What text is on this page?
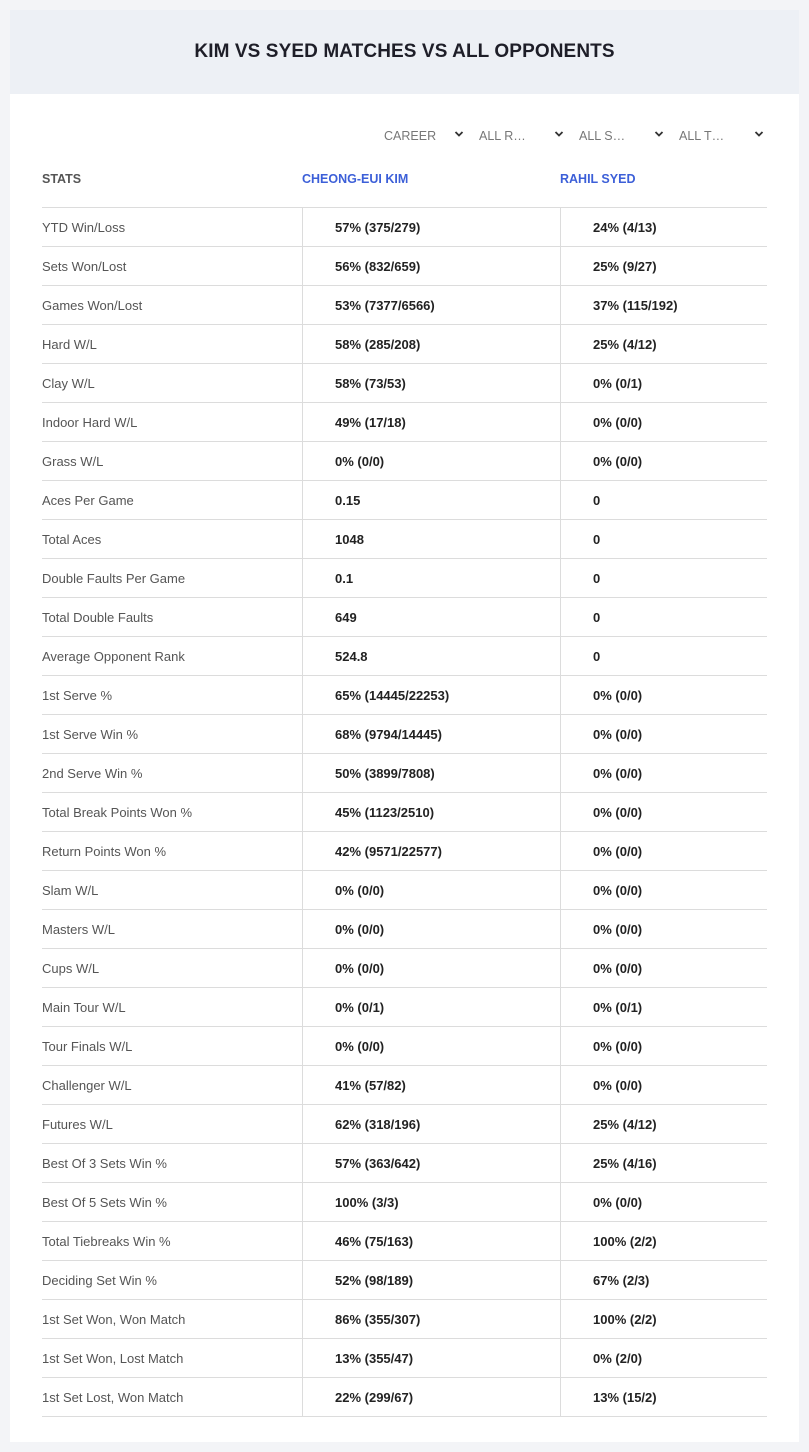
KIM VS SYED MATCHES VS ALL OPPONENTS
CAREER	ALL R…	ALL S…	ALL T…
STATS	CHEONG-EUI KIM	RAHIL SYED
YTD Win/Loss	57% (375/279)	24% (4/13)
Sets Won/Lost	56% (832/659)	25% (9/27)
Games Won/Lost	53% (7377/6566)	37% (115/192)
Hard W/L	58% (285/208)	25% (4/12)
Clay W/L	58% (73/53)	0% (0/1)
Indoor Hard W/L	49% (17/18)	0% (0/0)
Grass W/L	0% (0/0)	0% (0/0)
Aces Per Game	0.15	0
Total Aces	1048	0
Double Faults Per Game	0.1	0
Total Double Faults	649	0
Average Opponent Rank	524.8	0
1st Serve %	65% (14445/22253)	0% (0/0)
1st Serve Win %	68% (9794/14445)	0% (0/0)
2nd Serve Win %	50% (3899/7808)	0% (0/0)
Total Break Points Won %	45% (1123/2510)	0% (0/0)
Return Points Won %	42% (9571/22577)	0% (0/0)
Slam W/L	0% (0/0)	0% (0/0)
Masters W/L	0% (0/0)	0% (0/0)
Cups W/L	0% (0/0)	0% (0/0)
Main Tour W/L	0% (0/1)	0% (0/1)
Tour Finals W/L	0% (0/0)	0% (0/0)
Challenger W/L	41% (57/82)	0% (0/0)
Futures W/L	62% (318/196)	25% (4/12)
Best Of 3 Sets Win %	57% (363/642)	25% (4/16)
Best Of 5 Sets Win %	100% (3/3)	0% (0/0)
Total Tiebreaks Win %	46% (75/163)	100% (2/2)
Deciding Set Win %	52% (98/189)	67% (2/3)
1st Set Won, Won Match	86% (355/307)	100% (2/2)
1st Set Won, Lost Match	13% (355/47)	0% (2/0)
1st Set Lost, Won Match	22% (299/67)	13% (15/2)
